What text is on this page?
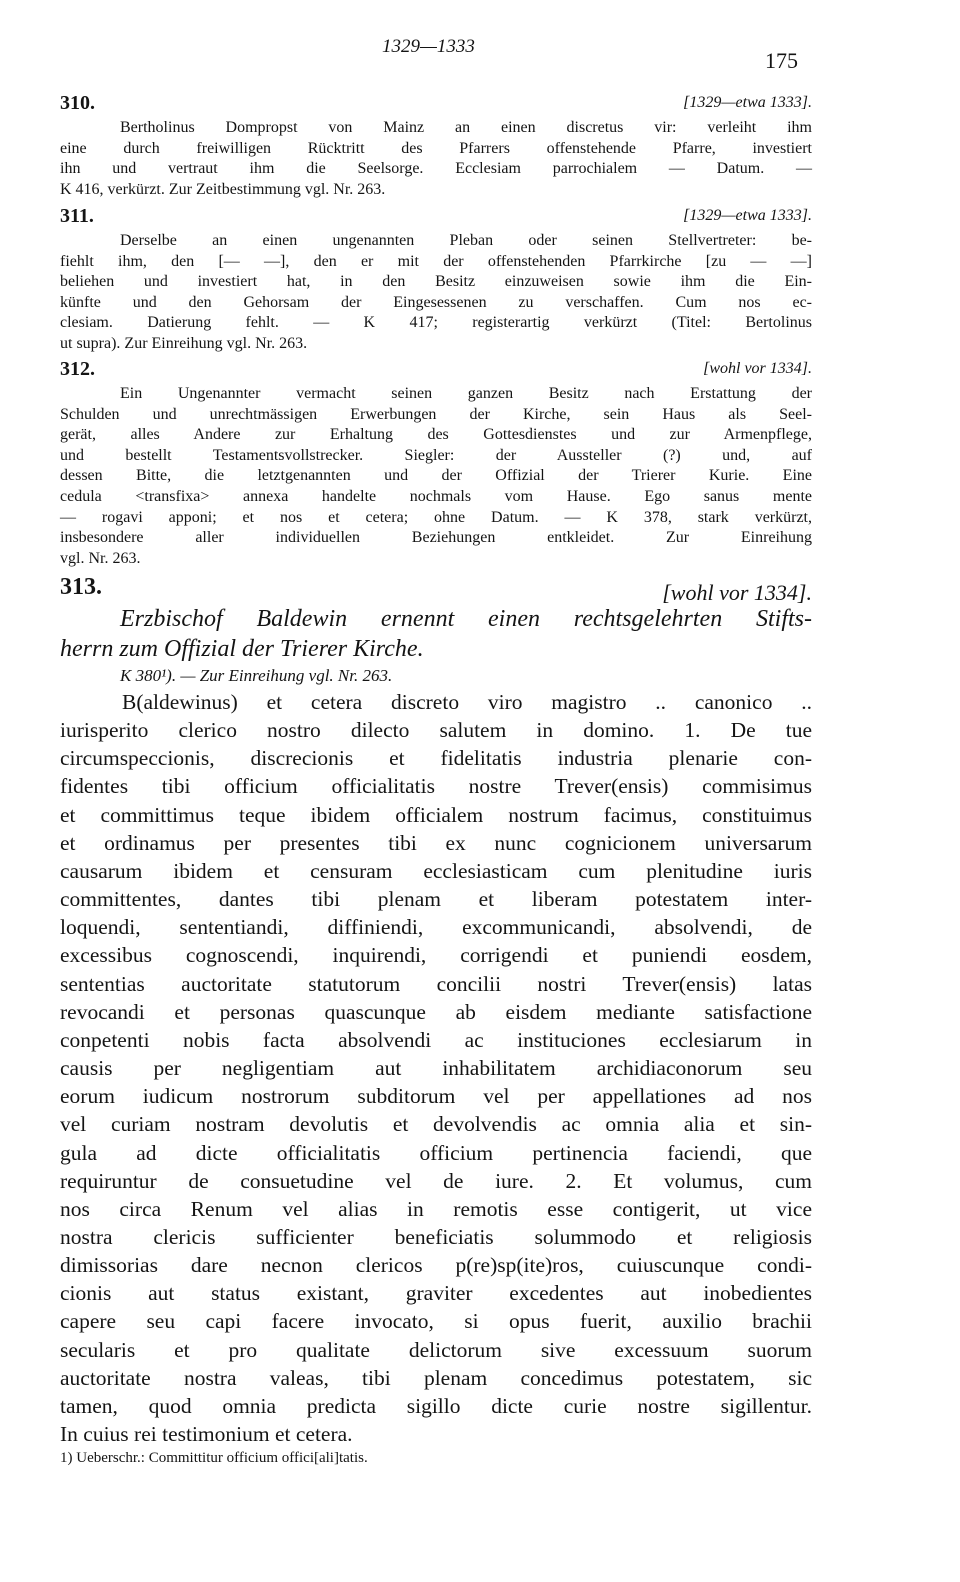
1329—1333
175
310.	[1329—etwa 1333].
Bertholinus Dompropst von Mainz an einen discretus vir: verleiht ihm
eine durch freiwilligen Rücktritt des Pfarrers offenstehende Pfarre, investiert
ihn und vertraut ihm die Seelsorge. Ecclesiam parrochialem — Datum. —
K 416, verkürzt. Zur Zeitbestimmung vgl. Nr. 263.
311.	[1329—etwa 1333].
Derselbe an einen ungenannten Pleban oder seinen Stellvertreter: be-
fiehlt ihm, den [— —], den er mit der offenstehenden Pfarrkirche [zu — —]
beliehen und investiert hat, in den Besitz einzuweisen sowie ihm die Ein-
künfte und den Gehorsam der Eingesessenen zu verschaffen. Cum nos ec-
clesiam. Datierung fehlt. — K 417; registerartig verkürzt (Titel: Bertolinus
ut supra). Zur Einreihung vgl. Nr. 263.
312.	[wohl vor 1334].
Ein Ungenannter vermacht seinen ganzen Besitz nach Erstattung der
Schulden und unrechtmässigen Erwerbungen der Kirche, sein Haus als Seel-
gerät, alles Andere zur Erhaltung des Gottesdienstes und zur Armenpflege,
und bestellt Testamentsvollstrecker. Siegler: der Aussteller (?) und, auf
dessen Bitte, die letztgenannten und der Offizial der Trierer Kurie. Eine
cedula <transfixa> annexa handelte nochmals vom Hause. Ego sanus mente
— rogavi apponi; et nos et cetera; ohne Datum. — K 378, stark verkürzt,
insbesondere aller individuellen Beziehungen entkleidet. Zur Einreihung
vgl. Nr. 263.
313.	[wohl vor 1334].
Erzbischof Baldewin ernennt einen rechtsgelehrten Stifts-
herrn zum Offizial der Trierer Kirche.
K 380¹). — Zur Einreihung vgl. Nr. 263.
B(aldewinus) et cetera discreto viro magistro .. canonico ..
iurisperito clerico nostro dilecto salutem in domino. 1. De tue
circumspeccionis, discrecionis et fidelitatis industria plenarie con-
fidentes tibi officium officialitatis nostre Trever(ensis) commisimus
et committimus teque ibidem officialem nostrum facimus, constituimus
et ordinamus per presentes tibi ex nunc cognicionem universarum
causarum ibidem et censuram ecclesiasticam cum plenitudine iuris
committentes, dantes tibi plenam et liberam potestatem inter-
loquendi, sententiandi, diffiniendi, excommunicandi, absolvendi, de
excessibus cognoscendi, inquirendi, corrigendi et puniendi eosdem,
sententias auctoritate statutorum concilii nostri Trever(ensis) latas
revocandi et personas quascunque ab eisdem mediante satisfactione
conpetenti nobis facta absolvendi ac instituciones ecclesiarum in
causis per negligentiam aut inhabilitatem archidiaconorum seu
eorum iudicum nostrorum subditorum vel per appellationes ad nos
vel curiam nostram devolutis et devolvendis ac omnia alia et sin-
gula ad dicte officialitatis officium pertinencia faciendi, que
requiruntur de consuetudine vel de iure. 2. Et volumus, cum
nos circa Renum vel alias in remotis esse contigerit, ut vice
nostra clericis sufficienter beneficiatis solummodo et religiosis
dimissorias dare necnon clericos p(re)sp(ite)ros, cuiuscunque condi-
cionis aut status existant, graviter excedentes aut inobedientes
capere seu capi facere invocato, si opus fuerit, auxilio brachii
secularis et pro qualitate delictorum sive excessuum suorum
auctoritate nostra valeas, tibi plenam concedimus potestatem, sic
tamen, quod omnia predicta sigillo dicte curie nostre sigillentur.
In cuius rei testimonium et cetera.
1) Ueberschr.: Committitur officium offici[ali]tatis.
